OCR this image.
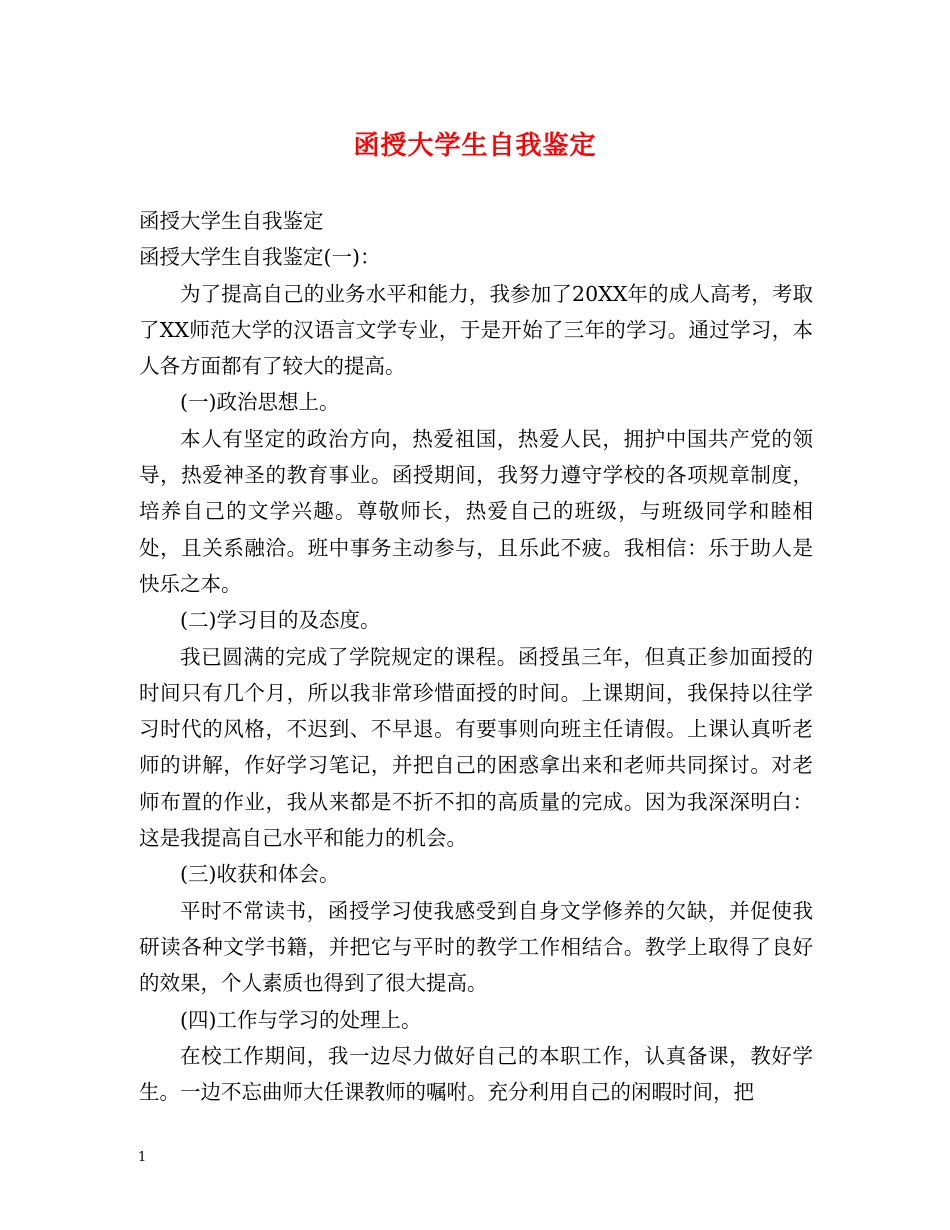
函授大学生自我鉴定

函授大学生自我鉴定

函授大学生自我鉴定(一)：

为了提高自己的业务水平和能力，我参加了20XX年的成人高考，考取了XX师范大学的汉语言文学专业，于是开始了三年的学习。通过学习，本人各方面都有了较大的提高。

(一)政治思想上。

本人有坚定的政治方向，热爱祖国，热爱人民，拥护中国共产党的领导，热爱神圣的教育事业。函授期间，我努力遵守学校的各项规章制度，培养自己的文学兴趣。尊敬师长，热爱自己的班级，与班级同学和睦相处，且关系融洽。班中事务主动参与，且乐此不疲。我相信：乐于助人是快乐之本。

(二)学习目的及态度。

我已圆满的完成了学院规定的课程。函授虽三年，但真正参加面授的时间只有几个月，所以我非常珍惜面授的时间。上课期间，我保持以往学习时代的风格，不迟到、不早退。有要事则向班主任请假。上课认真听老师的讲解，作好学习笔记，并把自己的困惑拿出来和老师共同探讨。对老师布置的作业，我从来都是不折不扣的高质量的完成。因为我深深明白：这是我提高自己水平和能力的机会。

(三)收获和体会。

平时不常读书，函授学习使我感受到自身文学修养的欠缺，并促使我研读各种文学书籍，并把它与平时的教学工作相结合。教学上取得了良好的效果，个人素质也得到了很大提高。

(四)工作与学习的处理上。

在校工作期间，我一边尽力做好自己的本职工作，认真备课，教好学生。一边不忘曲师大任课教师的嘱咐。充分利用自己的闲暇时间，把

1
